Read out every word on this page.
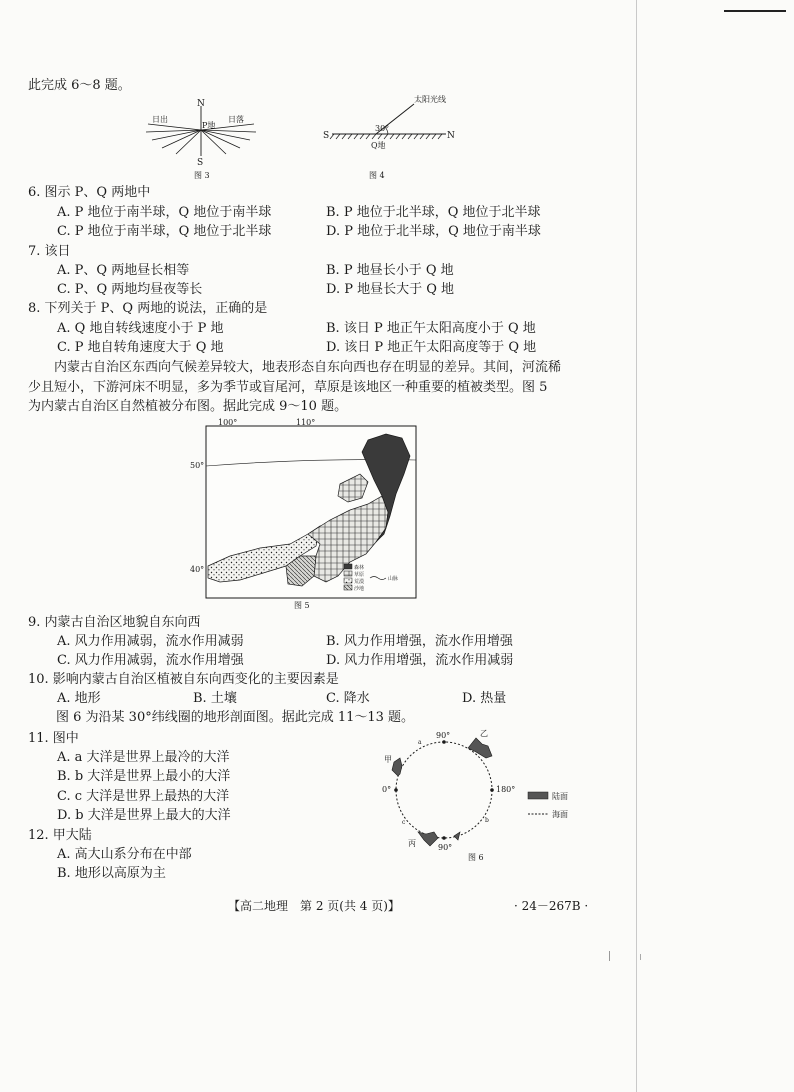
此完成 6～8 题。
N
S
日出
P地
日落
图 3
太阳光线
30°
S	N
Q地
图 4
6. 图示 P、Q 两地中
A. P 地位于南半球，Q 地位于南半球	B. P 地位于北半球，Q 地位于北半球
C. P 地位于南半球，Q 地位于北半球	D. P 地位于北半球，Q 地位于南半球
7. 该日
A. P、Q 两地昼长相等	B. P 地昼长小于 Q 地
C. P、Q 两地均昼夜等长	D. P 地昼长大于 Q 地
8. 下列关于 P、Q 两地的说法，正确的是
A. Q 地自转线速度小于 P 地	B. 该日 P 地正午太阳高度小于 Q 地
C. P 地自转角速度大于 Q 地	D. 该日 P 地正午太阳高度等于 Q 地
内蒙古自治区东西向气候差异较大，地表形态自东向西也存在明显的差异。其间，河流稀少且短小，下游河床不明显，多为季节或盲尾河，草原是该地区一种重要的植被类型。图 5 为内蒙古自治区自然植被分布图。据此完成 9～10 题。
100°	110°
50°
40°	森林
草原
荒漠
沙地
山脉
图 5
9. 内蒙古自治区地貌自东向西
A. 风力作用减弱，流水作用减弱	B. 风力作用增强，流水作用增强
C. 风力作用减弱，流水作用增强	D. 风力作用增强，流水作用减弱
10. 影响内蒙古自治区植被自东向西变化的主要因素是
A. 地形	B. 土壤	C. 降水	D. 热量
图 6 为沿某 30°纬线圈的地形剖面图。据此完成 11～13 题。
11. 图中
A. a 大洋是世界上最冷的大洋
B. b 大洋是世界上最小的大洋
C. c 大洋是世界上最热的大洋
D. b 大洋是世界上最大的大洋
90°
90°
0°	180°
a
b
c
甲
乙
丙
陆面
海面
图 6
12. 甲大陆
A. 高大山系分布在中部
B. 地形以高原为主
【高二地理　第 2 页(共 4 页)】	· 24－267B ·
